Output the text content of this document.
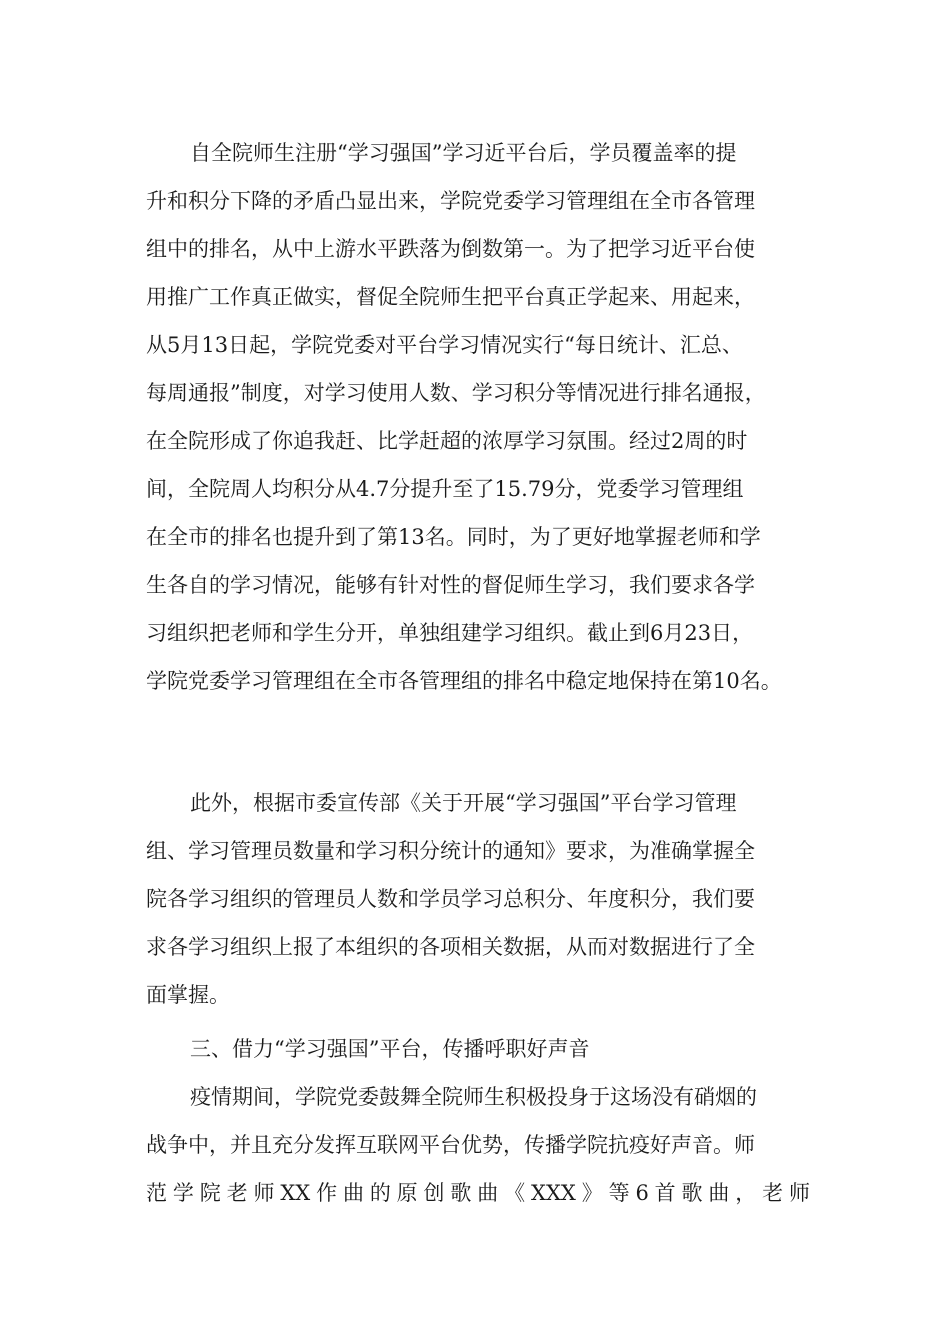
自全院师生注册“学习强国”学习近平台后，学员覆盖率的提

升和积分下降的矛盾凸显出来，学院党委学习管理组在全市各管理

组中的排名，从中上游水平跌落为倒数第一。为了把学习近平台使

用推广工作真正做实，督促全院师生把平台真正学起来、用起来，

从5月13日起，学院党委对平台学习情况实行“每日统计、汇总、

每周通报”制度，对学习使用人数、学习积分等情况进行排名通报，

在全院形成了你追我赶、比学赶超的浓厚学习氛围。经过2周的时

间，全院周人均积分从4.7分提升至了15.79分，党委学习管理组

在全市的排名也提升到了第13名。同时，为了更好地掌握老师和学

生各自的学习情况，能够有针对性的督促师生学习，我们要求各学

习组织把老师和学生分开，单独组建学习组织。截止到6月23日，

学院党委学习管理组在全市各管理组的排名中稳定地保持在第10名。

此外，根据市委宣传部《关于开展“学习强国”平台学习管理

组、学习管理员数量和学习积分统计的通知》要求，为准确掌握全

院各学习组织的管理员人数和学员学习总积分、年度积分，我们要

求各学习组织上报了本组织的各项相关数据，从而对数据进行了全

面掌握。

三、借力“学习强国”平台，传播呼职好声音

疫情期间，学院党委鼓舞全院师生积极投身于这场没有硝烟的

战争中，并且充分发挥互联网平台优势，传播学院抗疫好声音。师

范学院老师XX作曲的原创歌曲《XXX》等6首歌曲，老师
